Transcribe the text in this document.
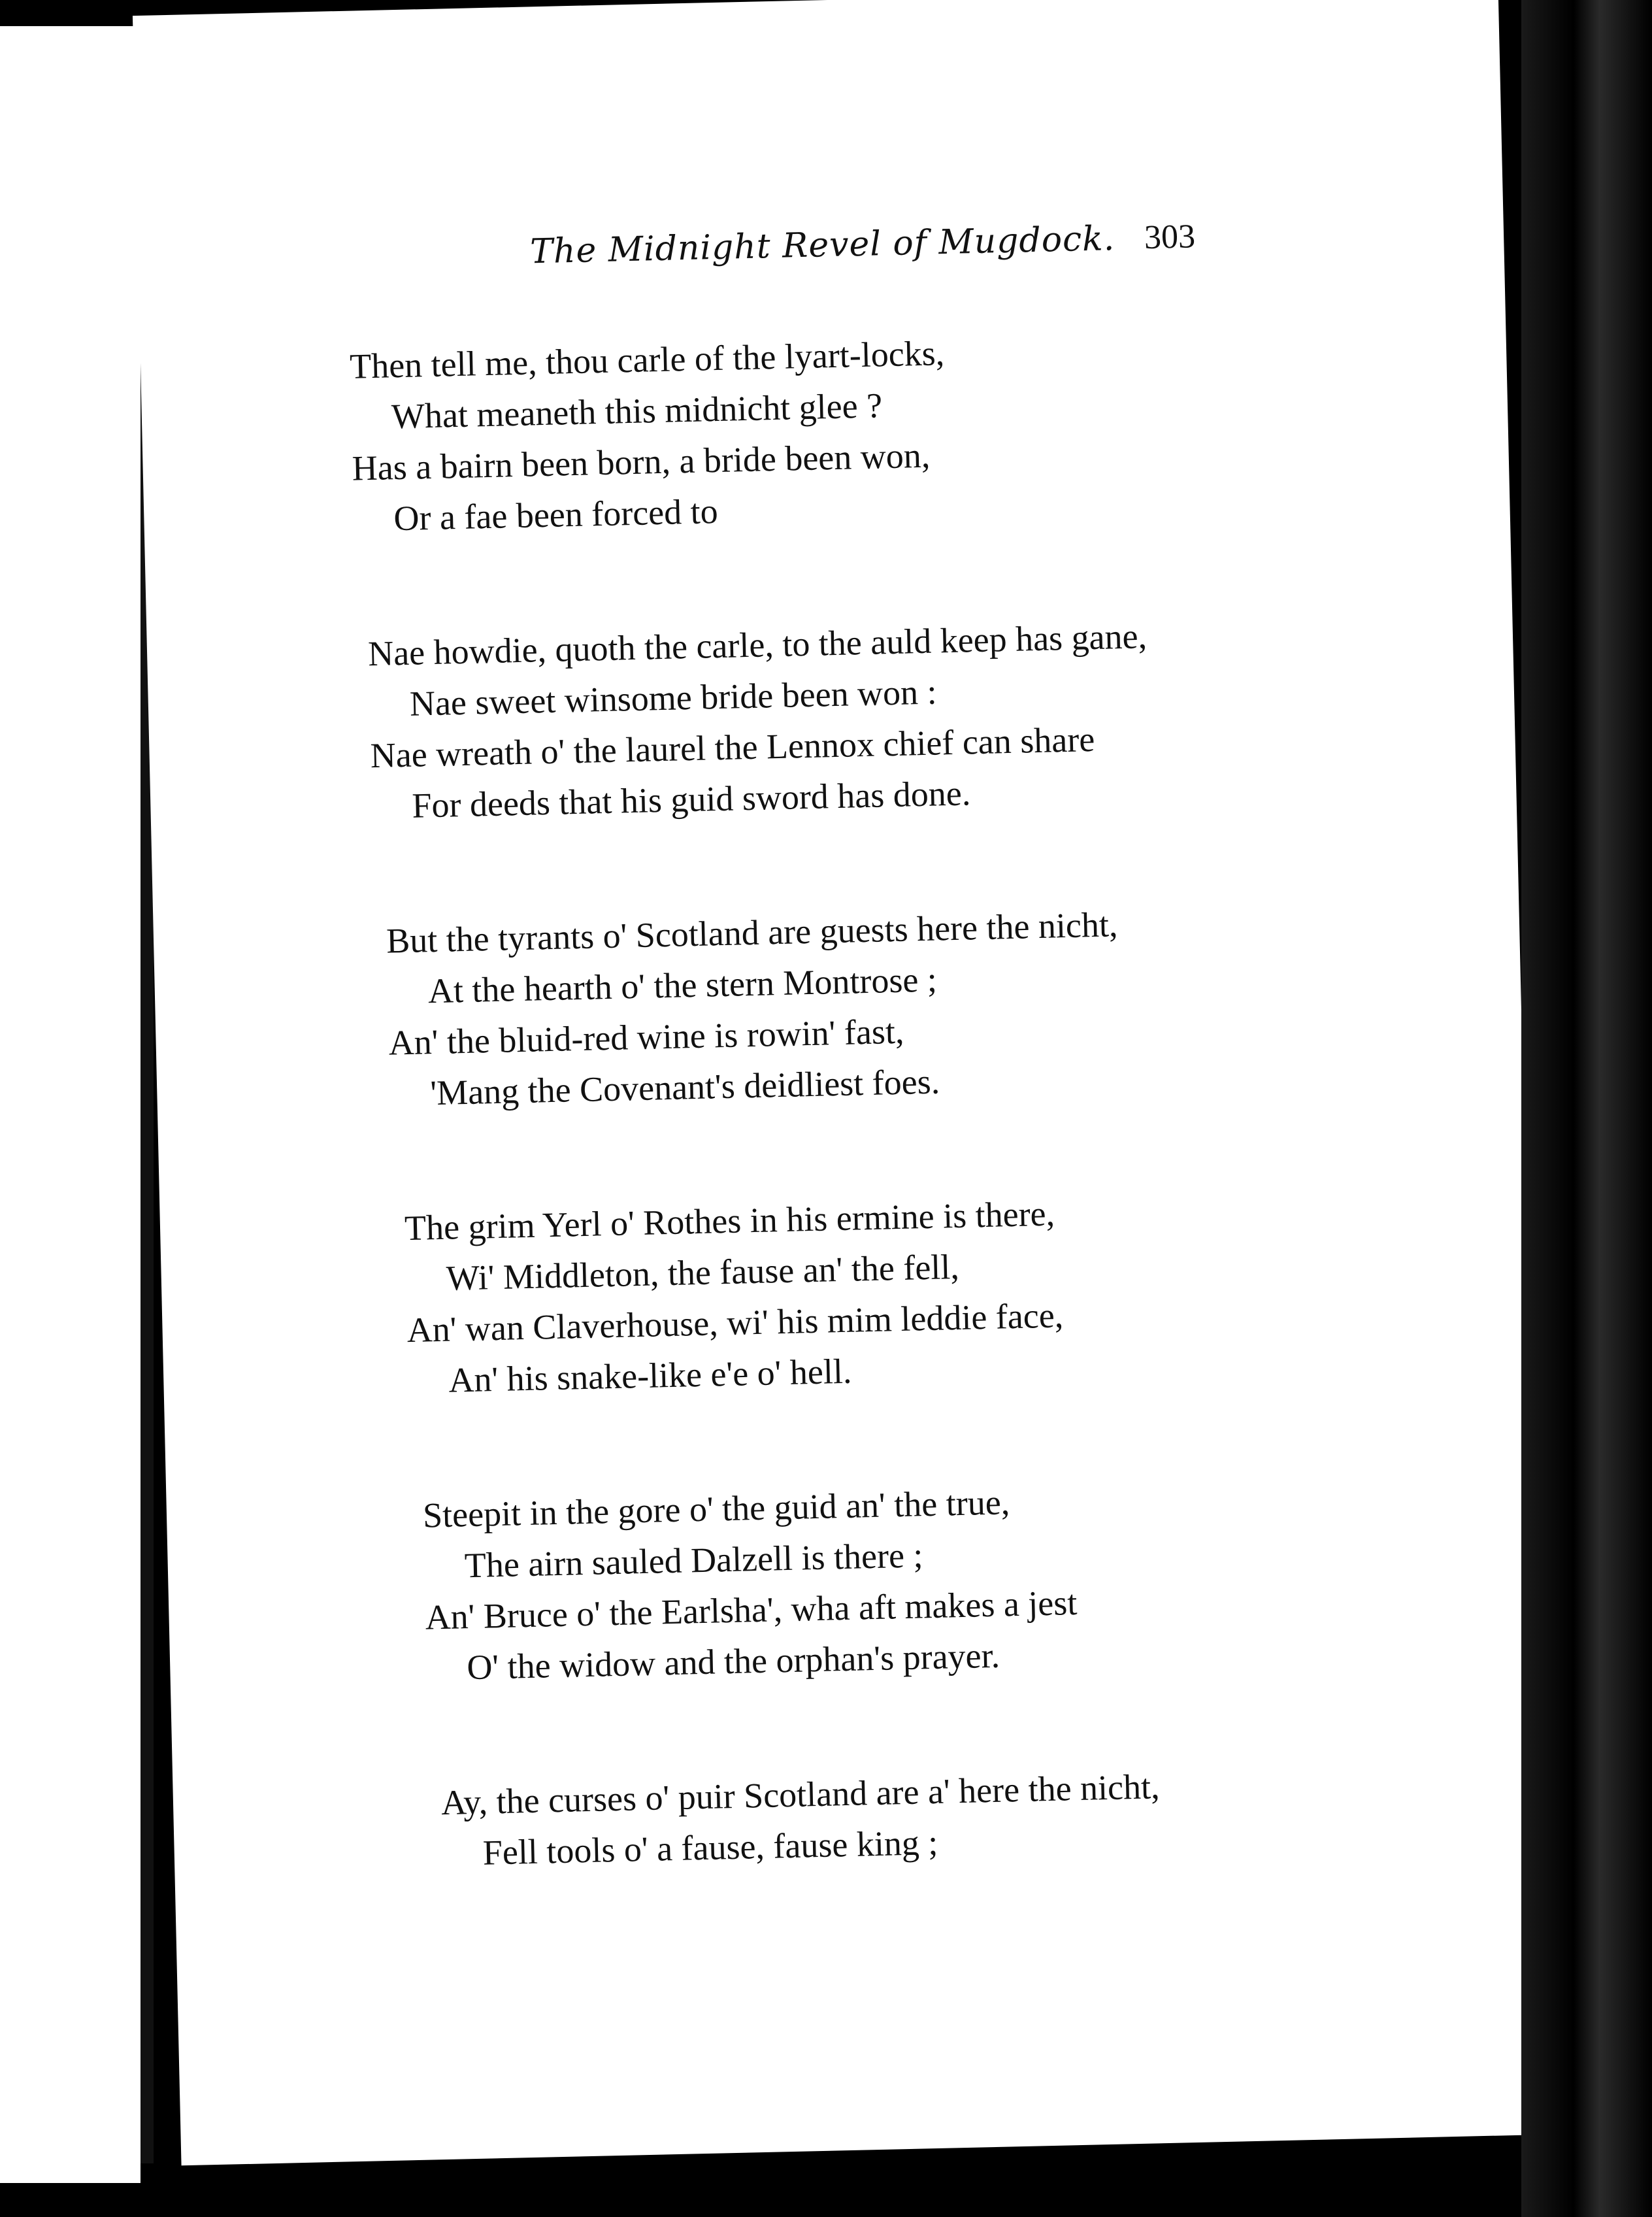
The Midnight Revel of Mugdock. 303
Then tell me, thou carle of the lyart-locks,
What meaneth this midnicht glee ?
Has a bairn been born, a bride been won,
Or a fae been forced to
Nae howdie, quoth the carle, to the auld keep has gane,
Nae sweet winsome bride been won :
Nae wreath o' the laurel the Lennox chief can share
For deeds that his guid sword has done.
But the tyrants o' Scotland are guests here the nicht,
At the hearth o' the stern Montrose ;
An' the bluid-red wine is rowin' fast,
'Mang the Covenant's deidliest foes.
The grim Yerl o' Rothes in his ermine is there,
Wi' Middleton, the fause an' the fell,
An' wan Claverhouse, wi' his mim leddie face,
An' his snake-like e'e o' hell.
Steepit in the gore o' the guid an' the true,
The airn sauled Dalzell is there ;
An' Bruce o' the Earlsha', wha aft makes a jest
O' the widow and the orphan's prayer.
Ay, the curses o' puir Scotland are a' here the nicht,
Fell tools o' a fause, fause king ;
